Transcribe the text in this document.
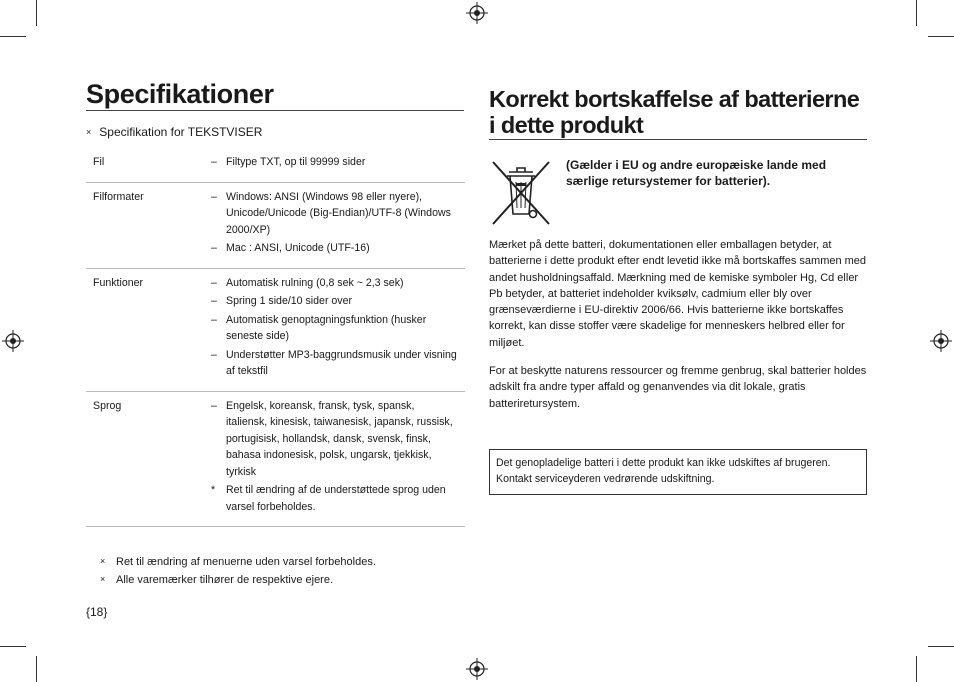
Specifikationer
× Specifikation for TEKSTVISER
Fil	– Filtype TXT, op til 99999 sider
Filformater	– Windows: ANSI (Windows 98 eller nyere), Unicode/Unicode (Big-Endian)/UTF-8 (Windows 2000/XP)
– Mac : ANSI, Unicode (UTF-16)
Funktioner	– Automatisk rulning (0,8 sek ~ 2,3 sek)
– Spring 1 side/10 sider over
– Automatisk genoptagningsfunktion (husker seneste side)
– Understøtter MP3-baggrundsmusik under visning af tekstfil
Sprog	– Engelsk, koreansk, fransk, tysk, spansk, italiensk, kinesisk, taiwanesisk, japansk, russisk, portugisisk, hollandsk, dansk, svensk, finsk, bahasa indonesisk, polsk, ungarsk, tjekkisk, tyrkisk
*	Ret til ændring af de understøttede sprog uden varsel forbeholdes.
× Ret til ændring af menuerne uden varsel forbeholdes.
× Alle varemærker tilhører de respektive ejere.
{18}
Korrekt bortskaffelse af batterierne i dette produkt
(Gælder i EU og andre europæiske lande med særlige retursystemer for batterier).
Mærket på dette batteri, dokumentationen eller emballagen betyder, at batterierne i dette produkt efter endt levetid ikke må bortskaffes sammen med andet husholdningsaffald. Mærkning med de kemiske symboler Hg, Cd eller Pb betyder, at batteriet indeholder kviksølv, cadmium eller bly over grænseværdierne i EU-direktiv 2006/66. Hvis batterierne ikke bortskaffes korrekt, kan disse stoffer være skadelige for menneskers helbred eller for miljøet.
For at beskytte naturens ressourcer og fremme genbrug, skal batterier holdes adskilt fra andre typer affald og genanvendes via dit lokale, gratis batteriretursystem.
Det genopladelige batteri i dette produkt kan ikke udskiftes af brugeren. Kontakt serviceyderen vedrørende udskiftning.
